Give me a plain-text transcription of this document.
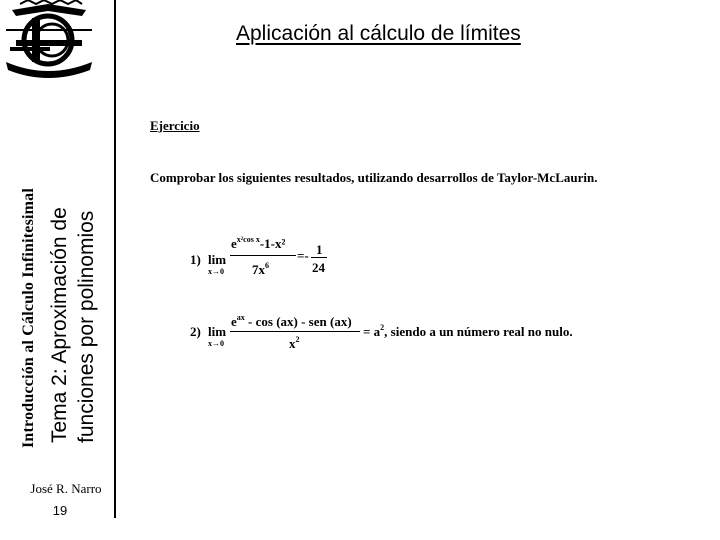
Introducción al Cálculo Infinitesimal Tema 2: Aproximación de funciones por polinomios
José R. Narro
19
Aplicación al cálculo de límites
Ejercicio
Comprobar los siguientes resultados, utilizando desarrollos de Taylor-McLaurin.
1) lim
x→0
$e^{x^2cos x}-1-x^2$
$7x^6$
=- 1
24
2) lim
x→0
$e^{ax}$ - cos (ax) - sen (ax)
$x^2$
= $a^2$, siendo a un número real no nulo.
